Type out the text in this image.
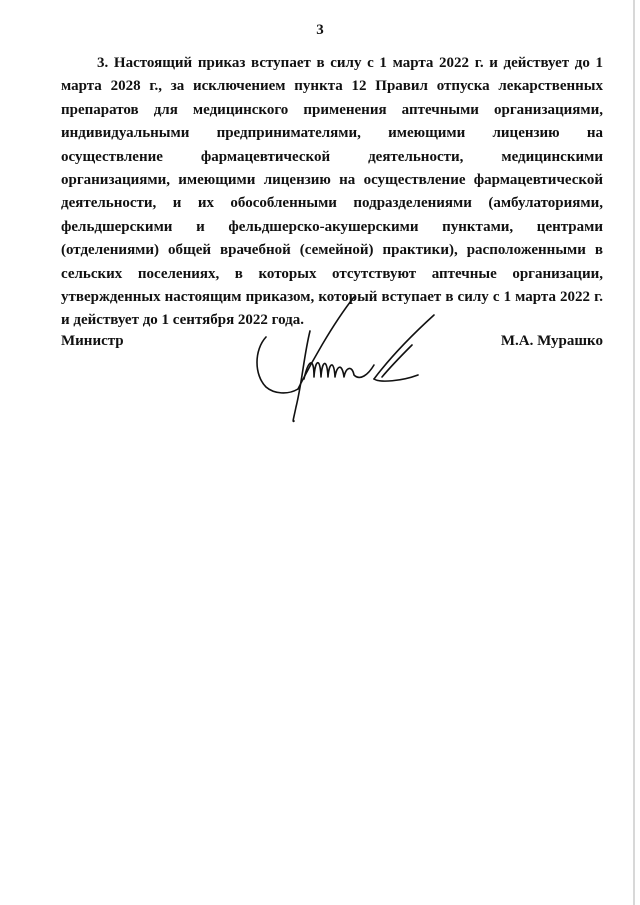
3

3. Настоящий приказ вступает в силу с 1 марта 2022 г. и действует до 1 марта 2028 г., за исключением пункта 12 Правил отпуска лекарственных препаратов для медицинского применения аптечными организациями, индивидуальными предпринимателями, имеющими лицензию на осуществление фармацевтической деятельности, медицинскими организациями, имеющими лицензию на осуществление фармацевтической деятельности, и их обособленными подразделениями (амбулаториями, фельдшерскими и фельдшерско-акушерскими пунктами, центрами (отделениями) общей врачебной (семейной) практики), расположенными в сельских поселениях, в которых отсутствуют аптечные организации, утвержденных настоящим приказом, который вступает в силу с 1 марта 2022 г. и действует до 1 сентября 2022 года.

Министр	М.А. Мурашко
